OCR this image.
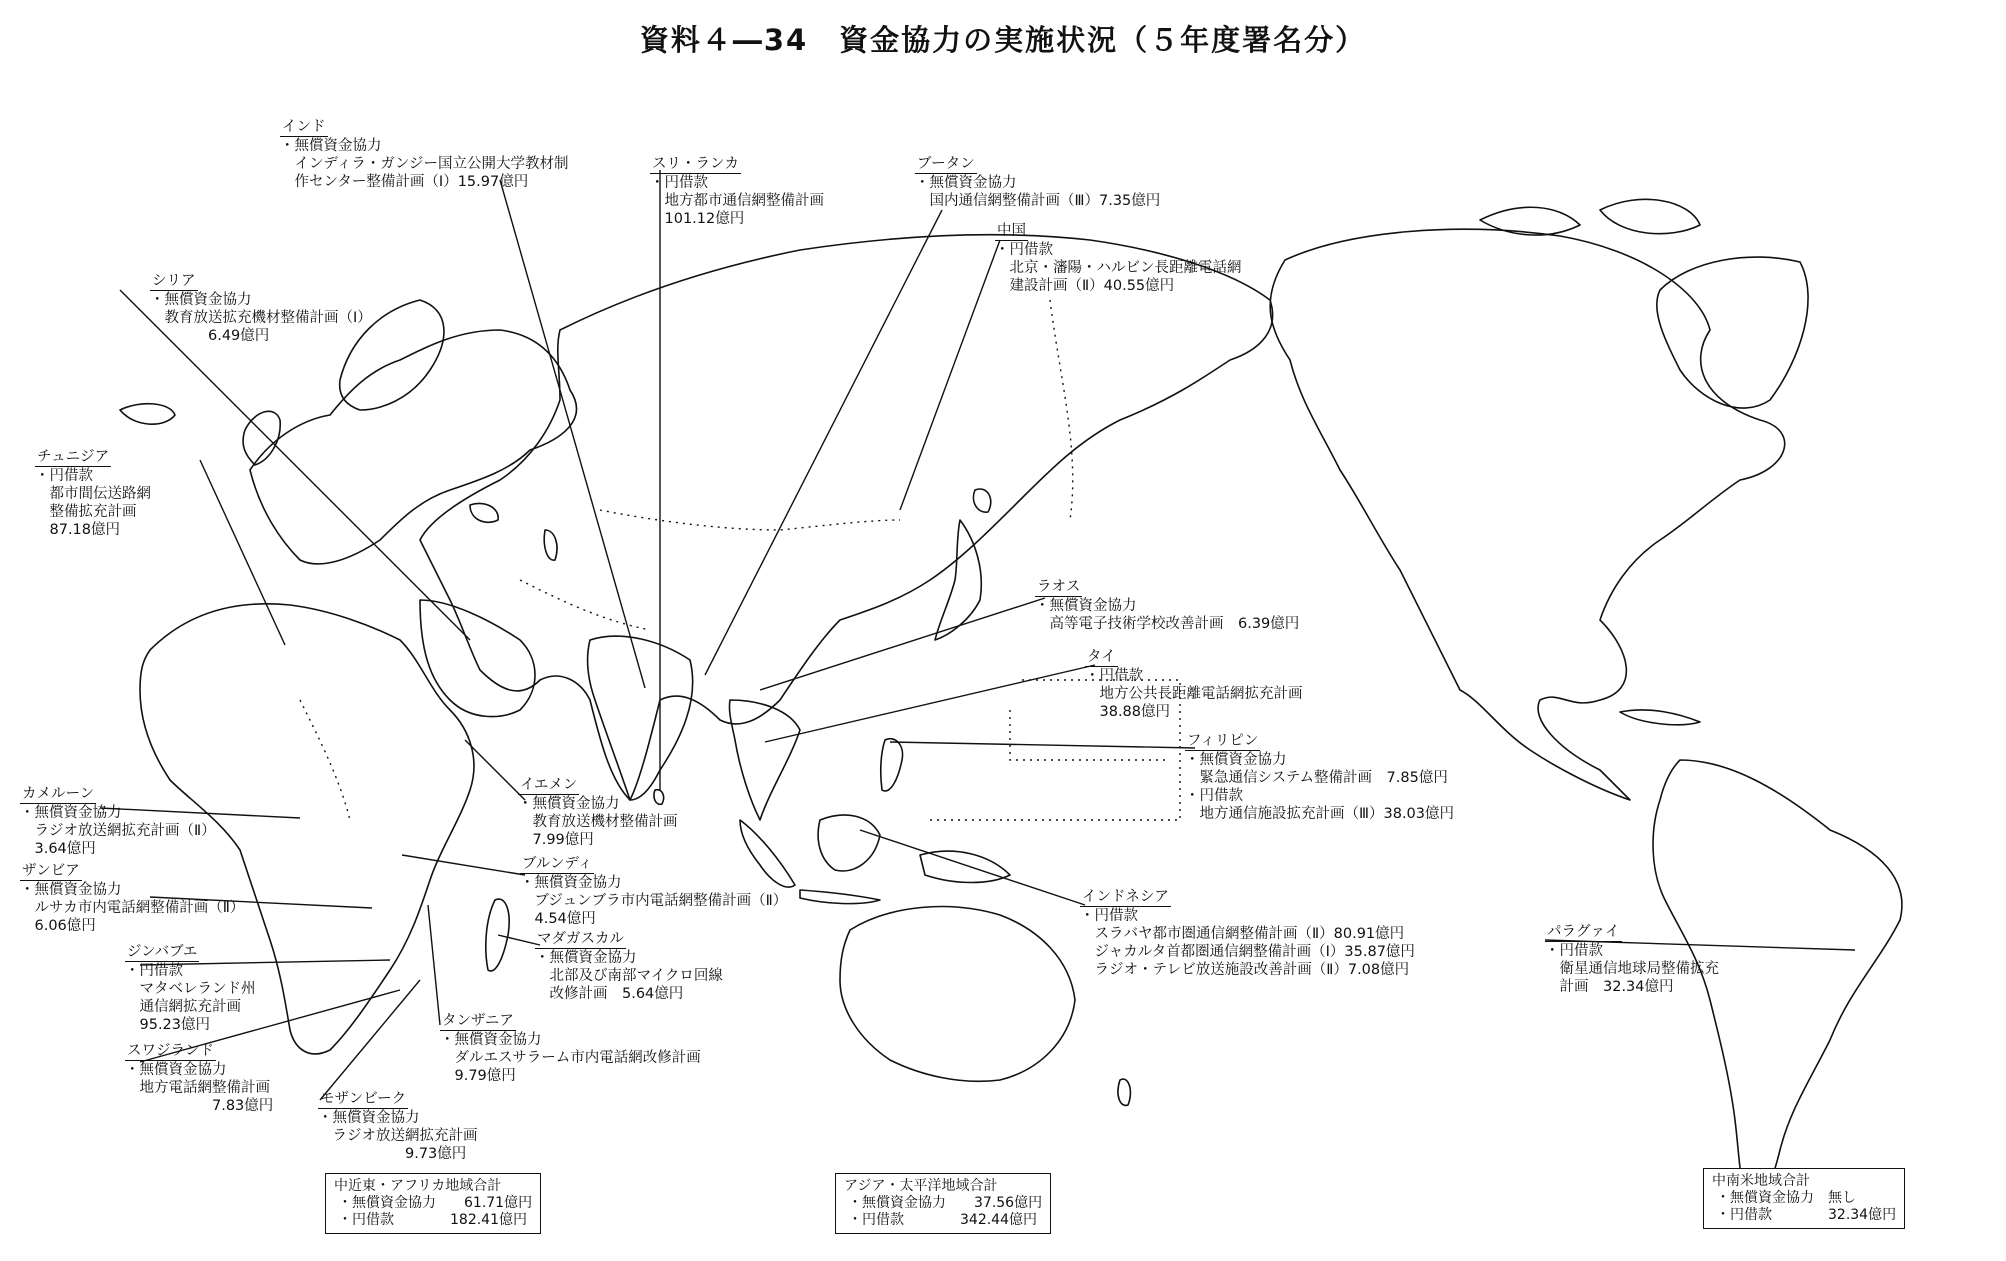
資料４―34　資金協力の実施状況（５年度署名分）
インド
・無償資金協力
　インディラ・ガンジー国立公開大学教材制
　作センター整備計画（Ⅰ）15.97億円
スリ・ランカ
・円借款
　地方都市通信網整備計画
　101.12億円
ブータン
・無償資金協力
　国内通信網整備計画（Ⅲ）7.35億円
中国
・円借款
　北京・瀋陽・ハルビン長距離電話網
　建設計画（Ⅱ）40.55億円
シリア
・無償資金協力
　教育放送拡充機材整備計画（Ⅰ）
　　　　6.49億円
チュニジア
・円借款
　都市間伝送路網
　整備拡充計画
　87.18億円
ラオス
・無償資金協力
　高等電子技術学校改善計画　6.39億円
タイ
・円借款
　地方公共長距離電話網拡充計画
　38.88億円
フィリピン
・無償資金協力
　緊急通信システム整備計画　7.85億円
・円借款
　地方通信施設拡充計画（Ⅲ）38.03億円
カメルーン
・無償資金協力
　ラジオ放送網拡充計画（Ⅱ）
　3.64億円
イエメン
・無償資金協力
　教育放送機材整備計画
　7.99億円
ザンビア
・無償資金協力
　ルサカ市内電話網整備計画（Ⅱ）
　6.06億円
ブルンディ
・無償資金協力
　ブジュンブラ市内電話網整備計画（Ⅱ）
　4.54億円
インドネシア
・円借款
　スラバヤ都市圏通信網整備計画（Ⅱ）80.91億円
　ジャカルタ首都圏通信網整備計画（Ⅰ）35.87億円
　ラジオ・テレビ放送施設改善計画（Ⅱ）7.08億円
パラグァイ
・円借款
　衛星通信地球局整備拡充
　計画　32.34億円
マダガスカル
・無償資金協力
　北部及び南部マイクロ回線
　改修計画　5.64億円
ジンバブエ
・円借款
　マタベレランド州
　通信網拡充計画
　95.23億円	タンザニア
・無償資金協力
　ダルエスサラーム市内電話網改修計画
　9.79億円
スワジランド
・無償資金協力
　地方電話網整備計画
　　　　　　7.83億円	モザンビーク
・無償資金協力
　ラジオ放送網拡充計画
　　　　　　9.73億円
中近東・アフリカ地域合計
・無償資金協力　　61.71億円
・円借款　　　　182.41億円
アジア・太平洋地域合計
・無償資金協力　　37.56億円
・円借款　　　　342.44億円
中南米地域合計
・無償資金協力　無し
・円借款　　　　32.34億円
